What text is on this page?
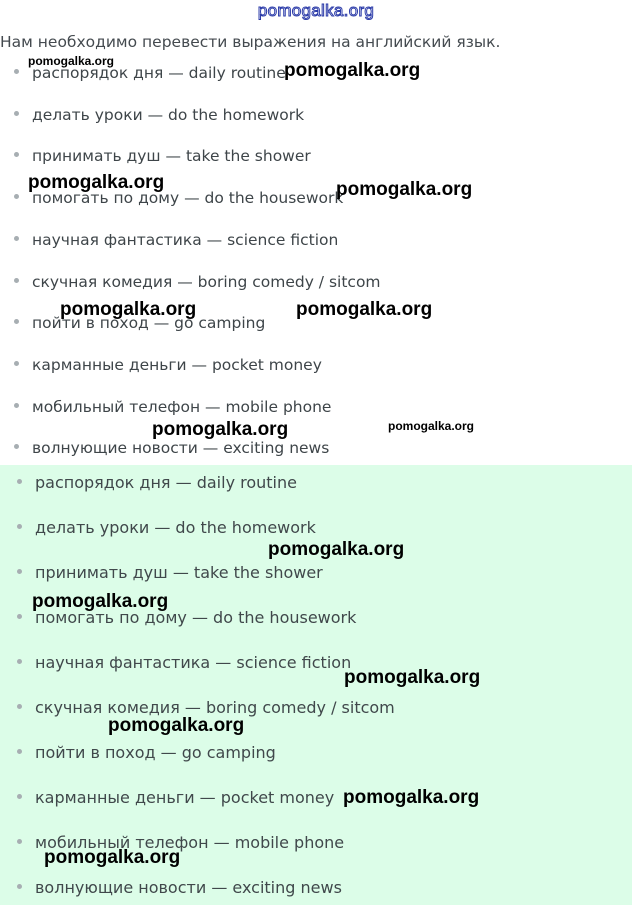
pomogalka.org
Нам необходимо перевести выражения на английский язык.
распорядок дня — daily routine
делать уроки — do the homework
принимать душ — take the shower
помогать по дому — do the housework
научная фантастика — science fiction
скучная комедия — boring comedy / sitcom
пойти в поход — go camping
карманные деньги — pocket money
мобильный телефон — mobile phone
волнующие новости — exciting news
распорядок дня — daily routine
делать уроки — do the homework
принимать душ — take the shower
помогать по дому — do the housework
научная фантастика — science fiction
скучная комедия — boring comedy / sitcom
пойти в поход — go camping
карманные деньги — pocket money
мобильный телефон — mobile phone
волнующие новости — exciting news
pomogalka.org	pomogalka.org
pomogalka.org	pomogalka.org
pomogalka.org	pomogalka.org
pomogalka.org	pomogalka.org
pomogalka.org
pomogalka.org
pomogalka.org
pomogalka.org
pomogalka.org
pomogalka.org
